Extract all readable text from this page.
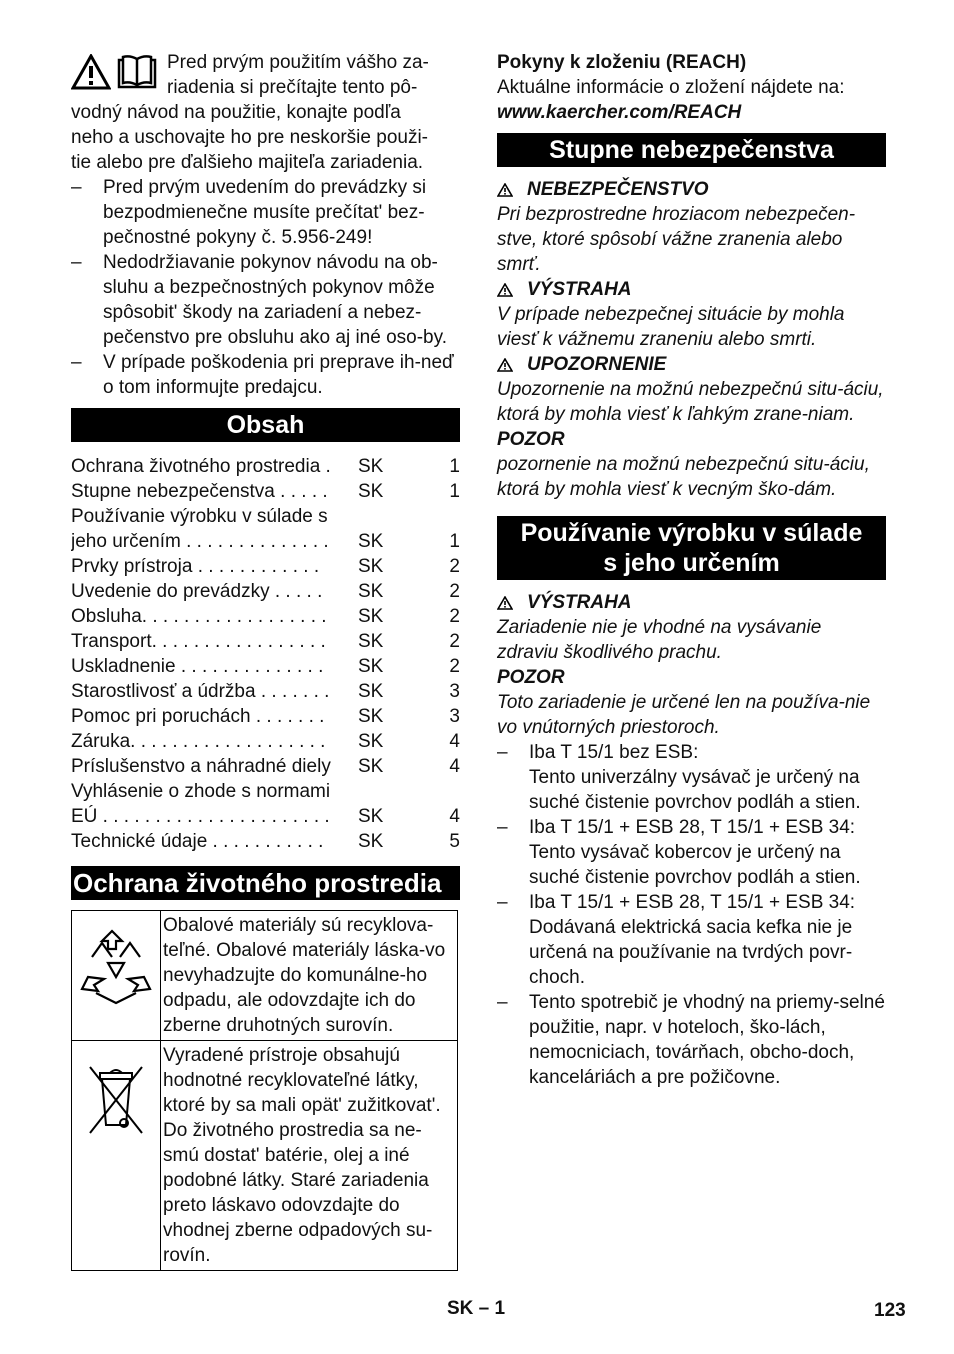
Pred prvým použitím vášho za-
riadenia si prečítajte tento pô-

vodný návod na použitie, konajte podľa
neho a uschovajte ho pre neskoršie použi-
tie alebo pre ďalšieho majiteľa zariadenia.

– Pred prvým uvedením do prevádzky si bezpodmienečne musíte prečítat' bez-pečnostné pokyny č. 5.956-249!
– Nedodržiavanie pokynov návodu na ob-sluhu a bezpečnostných pokynov môže spôsobit' škody na zariadení a nebez-pečenstvo pre obsluhu ako aj iné oso-by.
– V prípade poškodenia pri preprave ih-neď o tom informujte predajcu.
Obsah
Ochrana životného prostredia .	SK	1
Stupne nebezpečenstva . . . . .	SK	1
Používanie výrobku v súlade s
jeho určením . . . . . . . . . . . . . .	SK	1
Prvky prístroja . . . . . . . . . . . .	SK	2
Uvedenie do prevádzky . . . . .	SK	2
Obsluha. . . . . . . . . . . . . . . . . .	SK	2
Transport. . . . . . . . . . . . . . . . .	SK	2
Uskladnenie . . . . . . . . . . . . . .	SK	2
Starostlivosť a údržba . . . . . . .	SK	3
Pomoc pri poruchách . . . . . . .	SK	3
Záruka. . . . . . . . . . . . . . . . . . .	SK	4
Príslušenstvo a náhradné diely	SK	4
Vyhlásenie o zhode s normami
EÚ . . . . . . . . . . . . . . . . . . . . . .	SK	4
Technické údaje . . . . . . . . . . .	SK	5
Ochrana životného prostredia
	Obalové materiály sú recyklova-teľné. Obalové materiály láska-vo nevyhadzujte do komunálne-ho odpadu, ale odovzdajte ich do zberne druhotných surovín.
	Vyradené prístroje obsahujú hodnotné recyklovateľné látky, ktoré by sa mali opät' zužitkovat'. Do životného prostredia sa ne-smú dostat' batérie, olej a iné podobné látky. Staré zariadenia preto láskavo odovzdajte do vhodnej zberne odpadových su-rovín.
Pokyny k zloženiu (REACH)

Aktuálne informácie o zložení nájdete na:

www.kaercher.com/REACH

Stupne nebezpečenstva
NEBEZPEČENSTVO

Pri bezprostredne hroziacom nebezpečen-stve, ktoré spôsobí vážne zranenia alebo smrť.

VÝSTRAHA

V prípade nebezpečnej situácie by mohla viesť k vážnemu zraneniu alebo smrti.

UPOZORNENIE

Upozornenie na možnú nebezpečnú situ-áciu, ktorá by mohla viesť k ľahkým zrane-niam.

POZOR

pozornenie na možnú nebezpečnú situ-áciu, ktorá by mohla viesť k vecným ško-dám.

Používanie výrobku v súlade
s jeho určením
VÝSTRAHA

Zariadenie nie je vhodné na vysávanie zdraviu škodlivého prachu.

POZOR

Toto zariadenie je určené len na používa-nie vo vnútorných priestoroch.

– Iba T 15/1 bez ESB:
Tento univerzálny vysávač je určený na suché čistenie povrchov podláh a stien.
– Iba T 15/1 + ESB 28, T 15/1 + ESB 34:
Tento vysávač kobercov je určený na suché čistenie povrchov podláh a stien.
– Iba T 15/1 + ESB 28, T 15/1 + ESB 34:
Dodávaná elektrická sacia kefka nie je určená na používanie na tvrdých povr-choch.
– Tento spotrebič je vhodný na priemy-selné použitie, napr. v hoteloch, ško-lách, nemocniciach, továrňach, obcho-doch, kanceláriách a pre požičovne.
SK – 1	123
